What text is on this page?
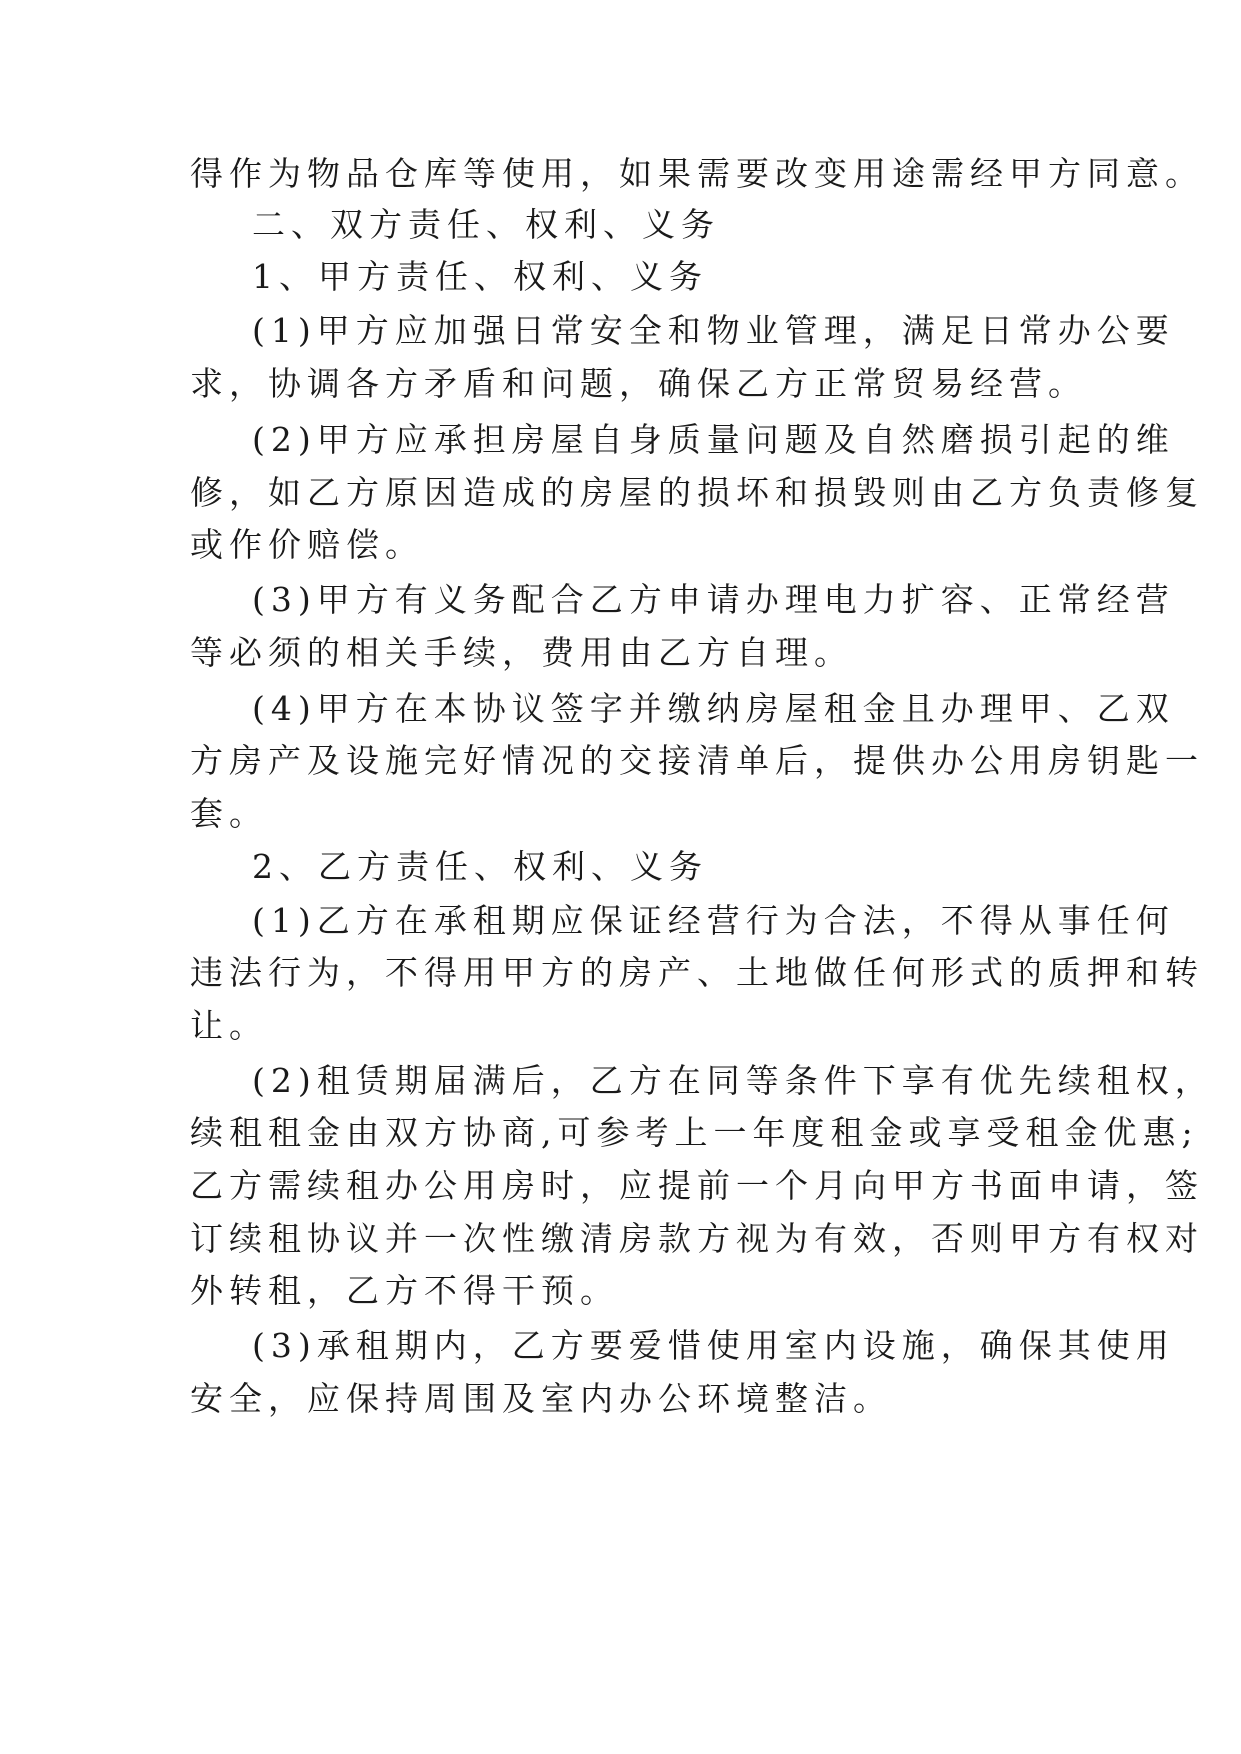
得作为物品仓库等使用，如果需要改变用途需经甲方同意。
二、双方责任、权利、义务
1、甲方责任、权利、义务
(1)甲方应加强日常安全和物业管理，满足日常办公要
求，协调各方矛盾和问题，确保乙方正常贸易经营。
(2)甲方应承担房屋自身质量问题及自然磨损引起的维
修，如乙方原因造成的房屋的损坏和损毁则由乙方负责修复
或作价赔偿。
(3)甲方有义务配合乙方申请办理电力扩容、正常经营
等必须的相关手续，费用由乙方自理。
(4)甲方在本协议签字并缴纳房屋租金且办理甲、乙双
方房产及设施完好情况的交接清单后，提供办公用房钥匙一
套。
2、乙方责任、权利、义务
(1)乙方在承租期应保证经营行为合法，不得从事任何
违法行为，不得用甲方的房产、土地做任何形式的质押和转
让。
(2)租赁期届满后，乙方在同等条件下享有优先续租权，
续租租金由双方协商,可参考上一年度租金或享受租金优惠;
乙方需续租办公用房时，应提前一个月向甲方书面申请，签
订续租协议并一次性缴清房款方视为有效，否则甲方有权对
外转租，乙方不得干预。
(3)承租期内，乙方要爱惜使用室内设施，确保其使用
安全，应保持周围及室内办公环境整洁。
